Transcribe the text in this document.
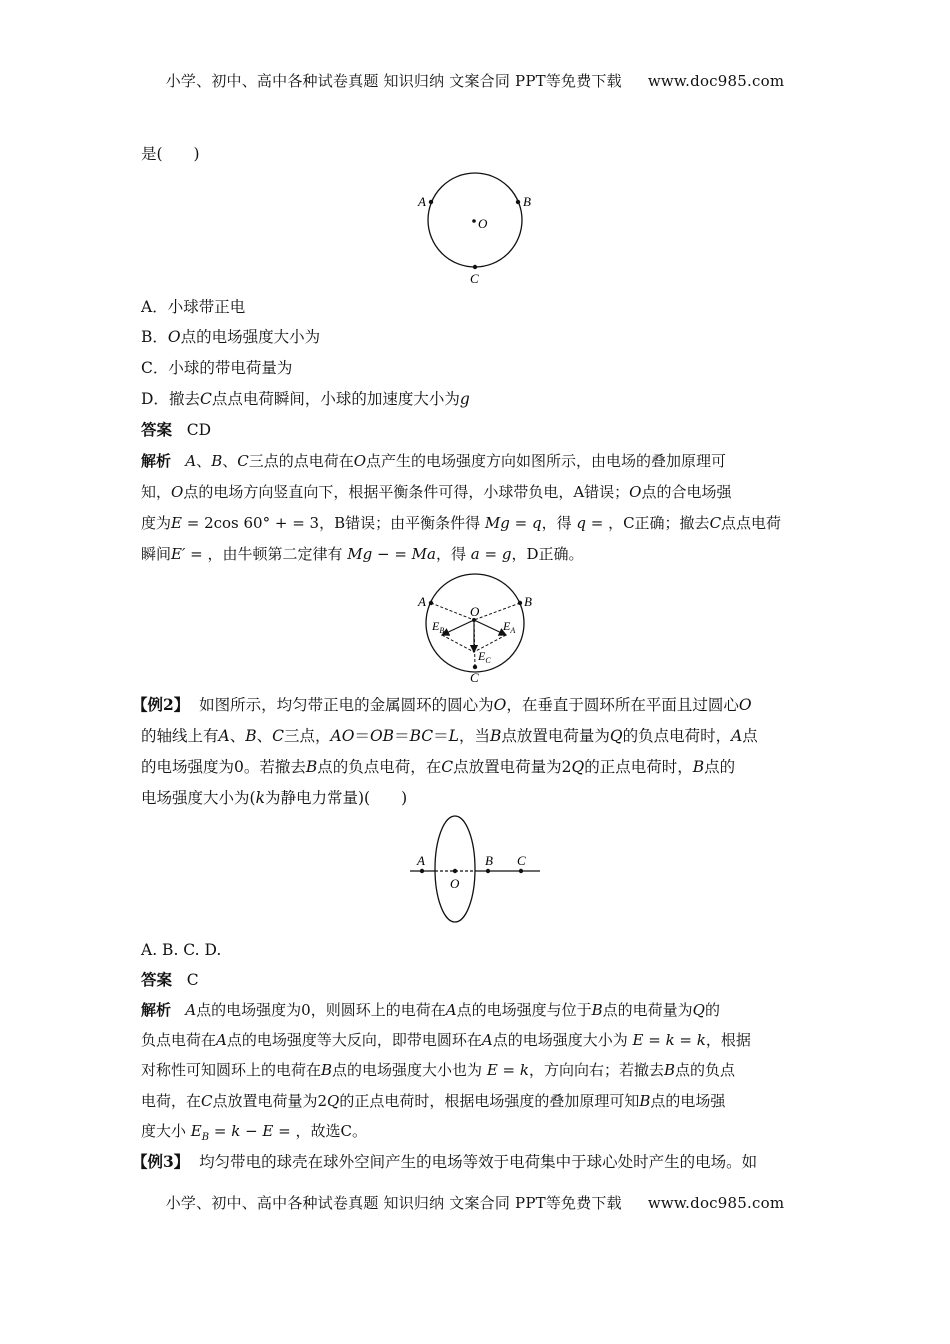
小学、初中、高中各种试卷真题 知识归纳 文案合同 PPT等免费下载 www.doc985.com
是(　　)
A	B
O
C
A．小球带正电
B．O点的电场强度大小为
C．小球的带电荷量为
D．撤去C点点电荷瞬间，小球的加速度大小为g
答案 CD
解析 A、B、C三点的点电荷在O点产生的电场强度方向如图所示，由电场的叠加原理可
知，O点的电场方向竖直向下，根据平衡条件可得，小球带负电，A错误；O点的合电场强
度为E = 2cos 60° + = 3，B错误；由平衡条件得 Mg = q，得 q = ，C正确；撤去C点点电荷
瞬间E′ = ，由牛顿第二定律有 Mg − = Ma，得 a = g，D正确。
A	B
O
C
$E_B$	$E_A$
$E_C$
【例2】 如图所示，均匀带正电的金属圆环的圆心为O，在垂直于圆环所在平面且过圆心O
的轴线上有A、B、C三点，AO＝OB＝BC＝L，当B点放置电荷量为Q的负点电荷时，A点
的电场强度为0。若撤去B点的负点电荷，在C点放置电荷量为2Q的正点电荷时，B点的
电场强度大小为(k为静电力常量)(　　)
A
O
B C
A. B. C. D.
答案 C
解析 A点的电场强度为0，则圆环上的电荷在A点的电场强度与位于B点的电荷量为Q的
负点电荷在A点的电场强度等大反向，即带电圆环在A点的电场强度大小为 E = k = k，根据
对称性可知圆环上的电荷在B点的电场强度大小也为 E = k，方向向右；若撤去B点的负点
电荷，在C点放置电荷量为2Q的正点电荷时，根据电场强度的叠加原理可知B点的电场强
度大小 $E_B = k - E$ = ，故选C。
【例3】 均匀带电的球壳在球外空间产生的电场等效于电荷集中于球心处时产生的电场。如
小学、初中、高中各种试卷真题 知识归纳 文案合同 PPT等免费下载 www.doc985.com
